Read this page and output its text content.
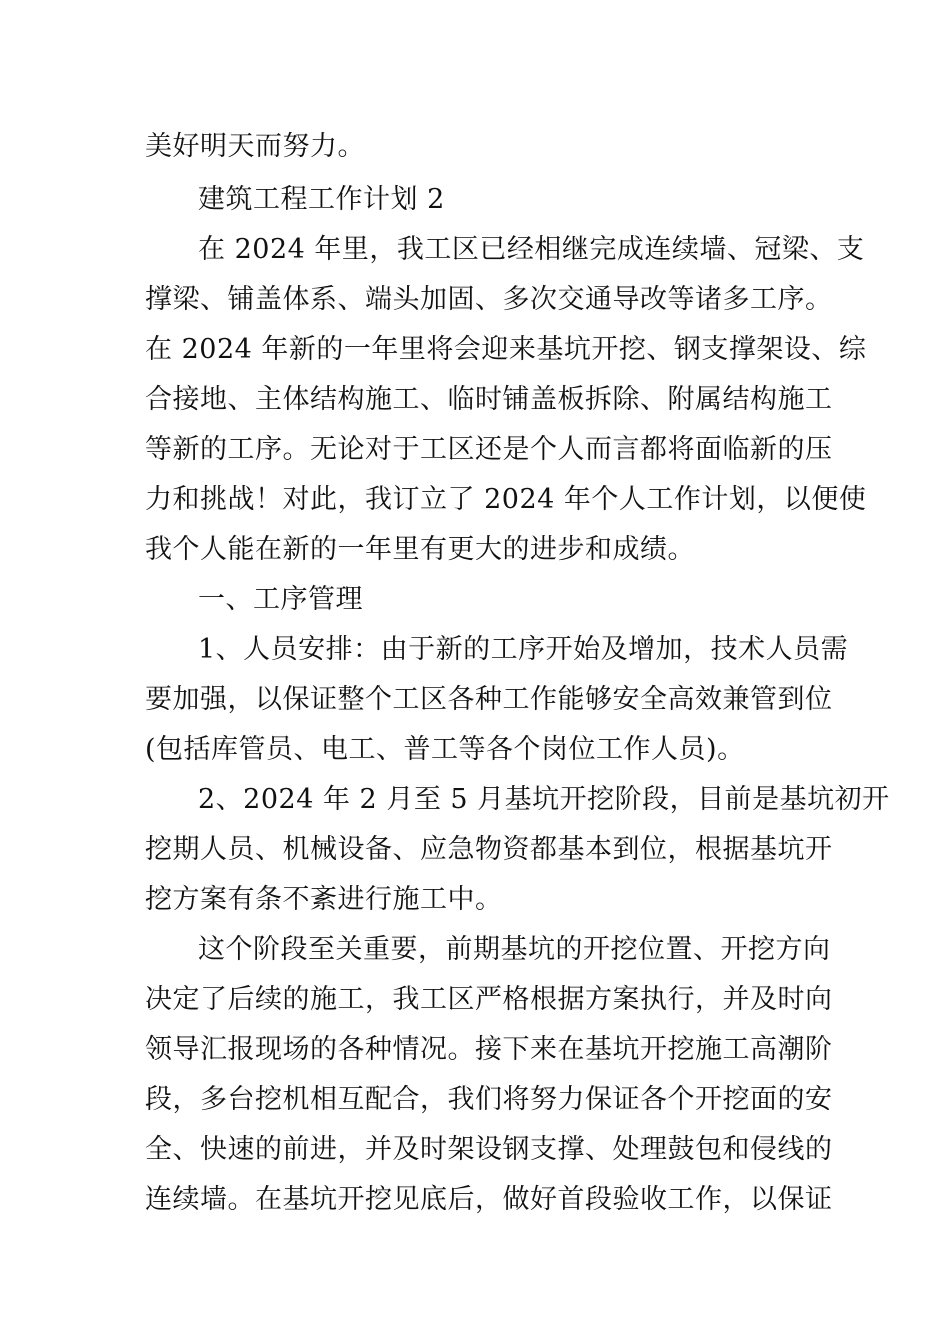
美好明天而努力。
建筑工程工作计划 2
在 2024 年里，我工区已经相继完成连续墙、冠梁、支
撑梁、铺盖体系、端头加固、多次交通导改等诸多工序。
在 2024 年新的一年里将会迎来基坑开挖、钢支撑架设、综
合接地、主体结构施工、临时铺盖板拆除、附属结构施工
等新的工序。无论对于工区还是个人而言都将面临新的压
力和挑战！对此，我订立了 2024 年个人工作计划，以便使
我个人能在新的一年里有更大的进步和成绩。
一、工序管理
1、人员安排：由于新的工序开始及增加，技术人员需
要加强，以保证整个工区各种工作能够安全高效兼管到位
(包括库管员、电工、普工等各个岗位工作人员)。
2、2024 年 2 月至 5 月基坑开挖阶段，目前是基坑初开
挖期人员、机械设备、应急物资都基本到位，根据基坑开
挖方案有条不紊进行施工中。
这个阶段至关重要，前期基坑的开挖位置、开挖方向
决定了后续的施工，我工区严格根据方案执行，并及时向
领导汇报现场的各种情况。接下来在基坑开挖施工高潮阶
段，多台挖机相互配合，我们将努力保证各个开挖面的安
全、快速的前进，并及时架设钢支撑、处理鼓包和侵线的
连续墙。在基坑开挖见底后，做好首段验收工作，以保证
